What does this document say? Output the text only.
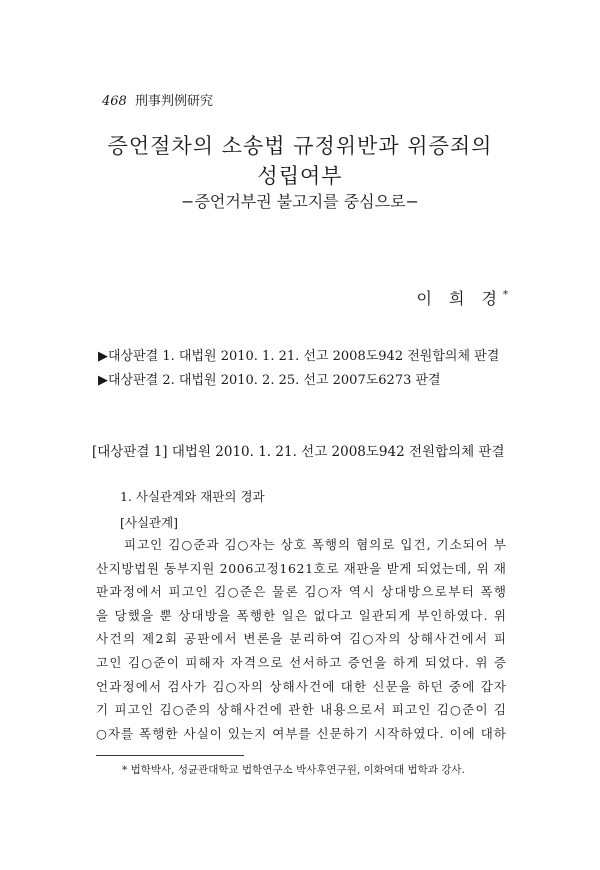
468 刑事判例研究
증언절차의 소송법 규정위반과 위증죄의
성립여부
−증언거부권 불고지를 중심으로−
이 희 경*
▶대상판결 1. 대법원 2010. 1. 21. 선고 2008도942 전원합의체 판결
▶대상판결 2. 대법원 2010. 2. 25. 선고 2007도6273 판결
[대상판결 1] 대법원 2010. 1. 21. 선고 2008도942 전원합의체 판결
1. 사실관계와 재판의 경과
[사실관계]
피고인 김○준과 김○자는 상호 폭행의 혐의로 입건, 기소되어 부
산지방법원 동부지원 2006고정1621호로 재판을 받게 되었는데, 위 재
판과정에서 피고인 김○준은 물론 김○자 역시 상대방으로부터 폭행
을 당했을 뿐 상대방을 폭행한 일은 없다고 일관되게 부인하였다. 위
사건의 제2회 공판에서 변론을 분리하여 김○자의 상해사건에서 피
고인 김○준이 피해자 자격으로 선서하고 증언을 하게 되었다. 위 증
언과정에서 검사가 김○자의 상해사건에 대한 신문을 하던 중에 갑자
기 피고인 김○준의 상해사건에 관한 내용으로서 피고인 김○준이 김
○자를 폭행한 사실이 있는지 여부를 신문하기 시작하였다. 이에 대하
* 법학박사, 성균관대학교 법학연구소 박사후연구원, 이화여대 법학과 강사.
